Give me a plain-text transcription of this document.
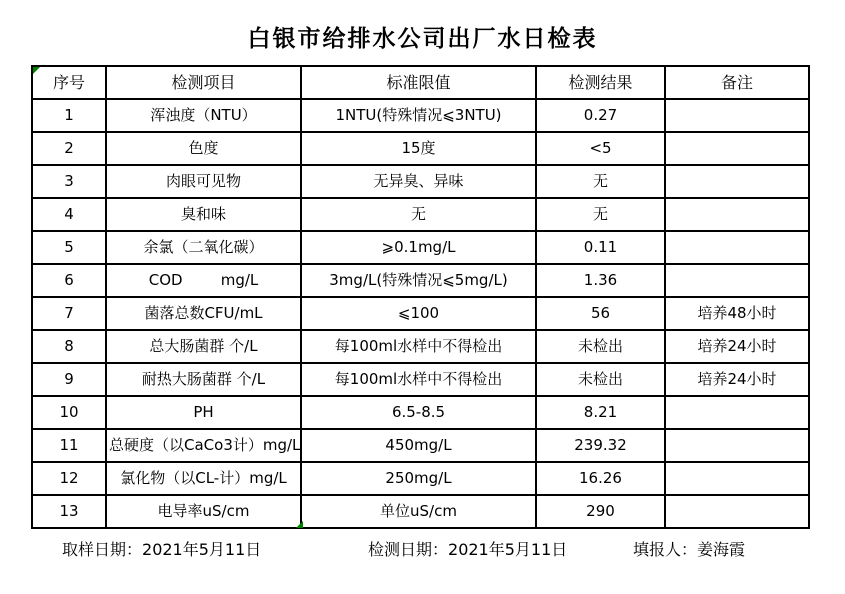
白银市给排水公司出厂水日检表
序号	检测项目	标准限值	检测结果	备注
1	浑浊度（NTU）	1NTU(特殊情况⩽3NTU)	0.27	
2	色度	15度	<5	
3	肉眼可见物	无异臭、异味	无	
4	臭和味	无	无	
5	余氯（二氧化碳）	⩾0.1mg/L	0.11	
6	COD        mg/L	3mg/L(特殊情况⩽5mg/L)	1.36	
7	菌落总数CFU/mL	⩽100	56	培养48小时
8	总大肠菌群 个/L	每100ml水样中不得检出	未检出	培养24小时
9	耐热大肠菌群 个/L	每100ml水样中不得检出	未检出	培养24小时
10	PH	6.5-8.5	8.21	
11	总硬度（以CaCo3计）mg/L	450mg/L	239.32	
12	氯化物（以CL-计）mg/L	250mg/L	16.26	
13	电导率uS/cm	单位uS/cm	290	
取样日期：2021年5月11日	检测日期：2021年5月11日	填报人：姜海霞
